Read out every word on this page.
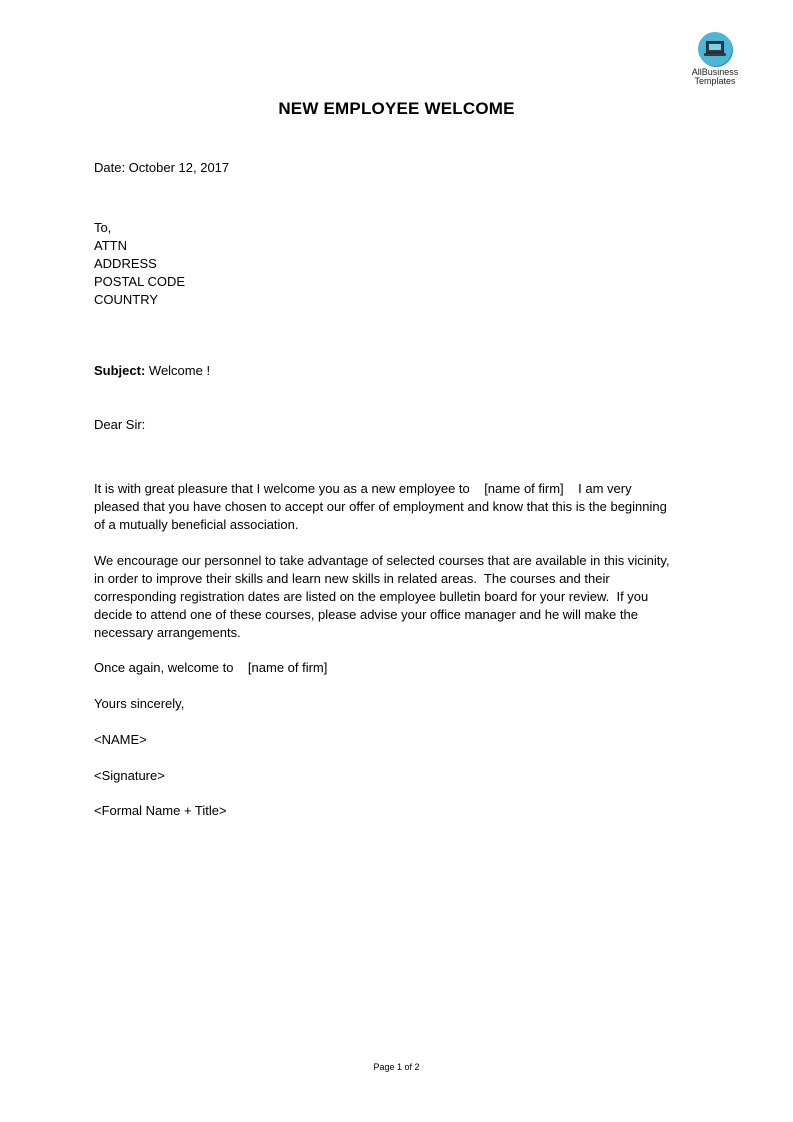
AllBusiness
Templates
NEW EMPLOYEE WELCOME
Date: October 12, 2017
To,
ATTN
ADDRESS
POSTAL CODE
COUNTRY
Subject: Welcome !
Dear Sir:
It is with great pleasure that I welcome you as a new employee to    [name of firm]    I am very
pleased that you have chosen to accept our offer of employment and know that this is the beginning
of a mutually beneficial association.
We encourage our personnel to take advantage of selected courses that are available in this vicinity,
in order to improve their skills and learn new skills in related areas.  The courses and their
corresponding registration dates are listed on the employee bulletin board for your review.  If you
decide to attend one of these courses, please advise your office manager and he will make the
necessary arrangements.
Once again, welcome to    [name of firm]
Yours sincerely,
<NAME>
<Signature>
<Formal Name + Title>
Page 1 of 2
